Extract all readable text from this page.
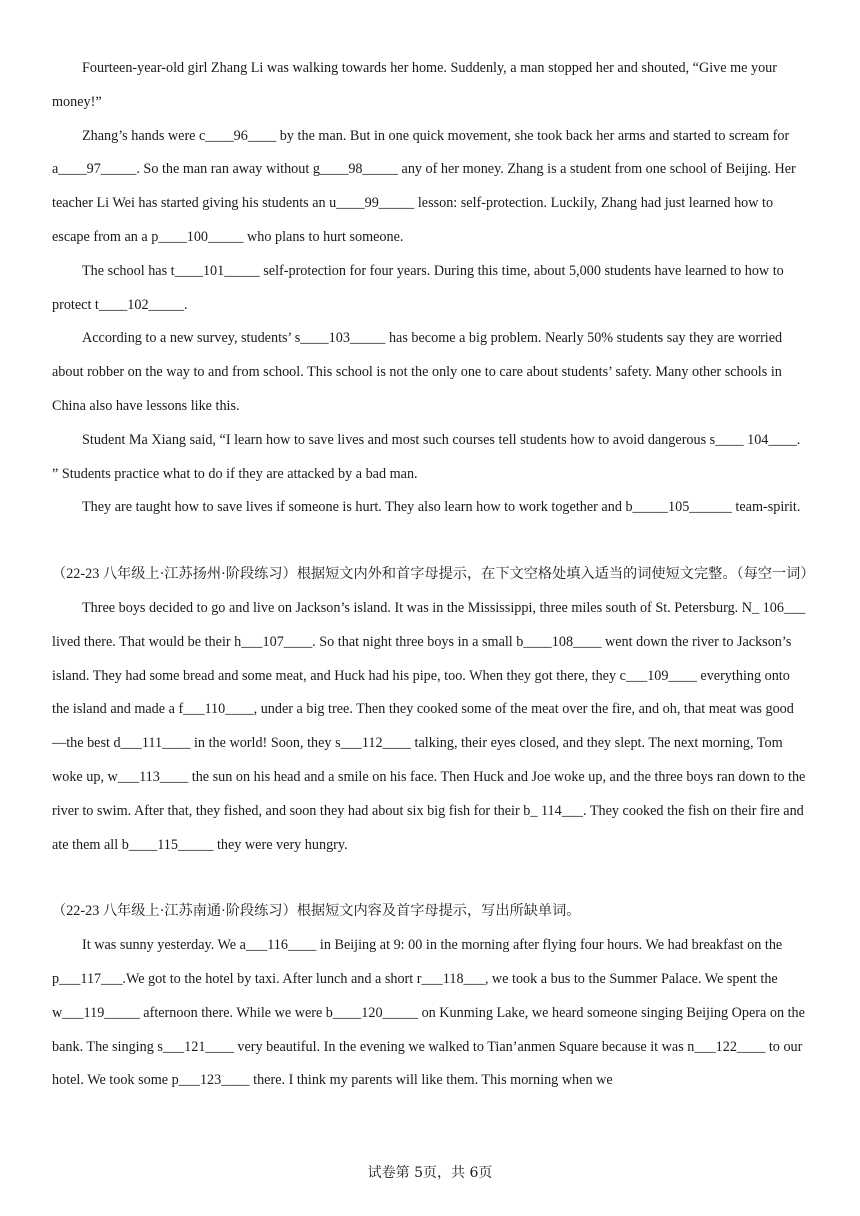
Fourteen-year-old girl Zhang Li was walking towards her home. Suddenly, a man stopped her and shouted, “Give me your money!”

Zhang’s hands were c____96____ by the man. But in one quick movement, she took back her arms and started to scream for a____97_____. So the man ran away without g____98_____ any of her money. Zhang is a student from one school of Beijing. Her teacher Li Wei has started giving his students an u____99_____ lesson: self-protection. Luckily, Zhang had just learned how to escape from an a p____100_____ who plans to hurt someone.

The school has t____101_____ self-protection for four years. During this time, about 5,000 students have learned to how to protect t____102_____.

According to a new survey, students’ s____103_____ has become a big problem. Nearly 50% students say they are worried about robber on the way to and from school. This school is not the only one to care about students’ safety. Many other schools in China also have lessons like this.

Student Ma Xiang said, “I learn how to save lives and most such courses tell students how to avoid dangerous s____ 104____. ” Students practice what to do if they are attacked by a bad man.

They are taught how to save lives if someone is hurt. They also learn how to work together and b_____105______ team-spirit.

（22-23 八年级上·江苏扬州·阶段练习）根据短文内外和首字母提示，在下文空格处填入适当的词使短文完整。（每空一词）

Three boys decided to go and live on Jackson’s island. It was in the Mississippi, three miles south of St. Petersburg. N_ 106___ lived there. That would be their h___107____. So that night three boys in a small b____108____ went down the river to Jackson’s island. They had some bread and some meat, and Huck had his pipe, too. When they got there, they c___109____ everything onto the island and made a f___110____, under a big tree. Then they cooked some of the meat over the fire, and oh, that meat was good—the best d___111____ in the world! Soon, they s___112____ talking, their eyes closed, and they slept. The next morning, Tom woke up, w___113____ the sun on his head and a smile on his face. Then Huck and Joe woke up, and the three boys ran down to the river to swim. After that, they fished, and soon they had about six big fish for their b_ 114___. They cooked the fish on their fire and ate them all b____115_____ they were very hungry.

（22-23 八年级上·江苏南通·阶段练习）根据短文内容及首字母提示，写出所缺单词。

It was sunny yesterday. We a___116____ in Beijing at 9: 00 in the morning after flying four hours. We had breakfast on the p___117___.We got to the hotel by taxi. After lunch and a short r___118___, we took a bus to the Summer Palace. We spent the w___119_____ afternoon there. While we were b____120_____ on Kunming Lake, we heard someone singing Beijing Opera on the bank. The singing s___121____ very beautiful. In the evening we walked to Tian’anmen Square because it was n___122____ to our hotel. We took some p___123____ there. I think my parents will like them. This morning when we

试卷第 5页，共 6页
